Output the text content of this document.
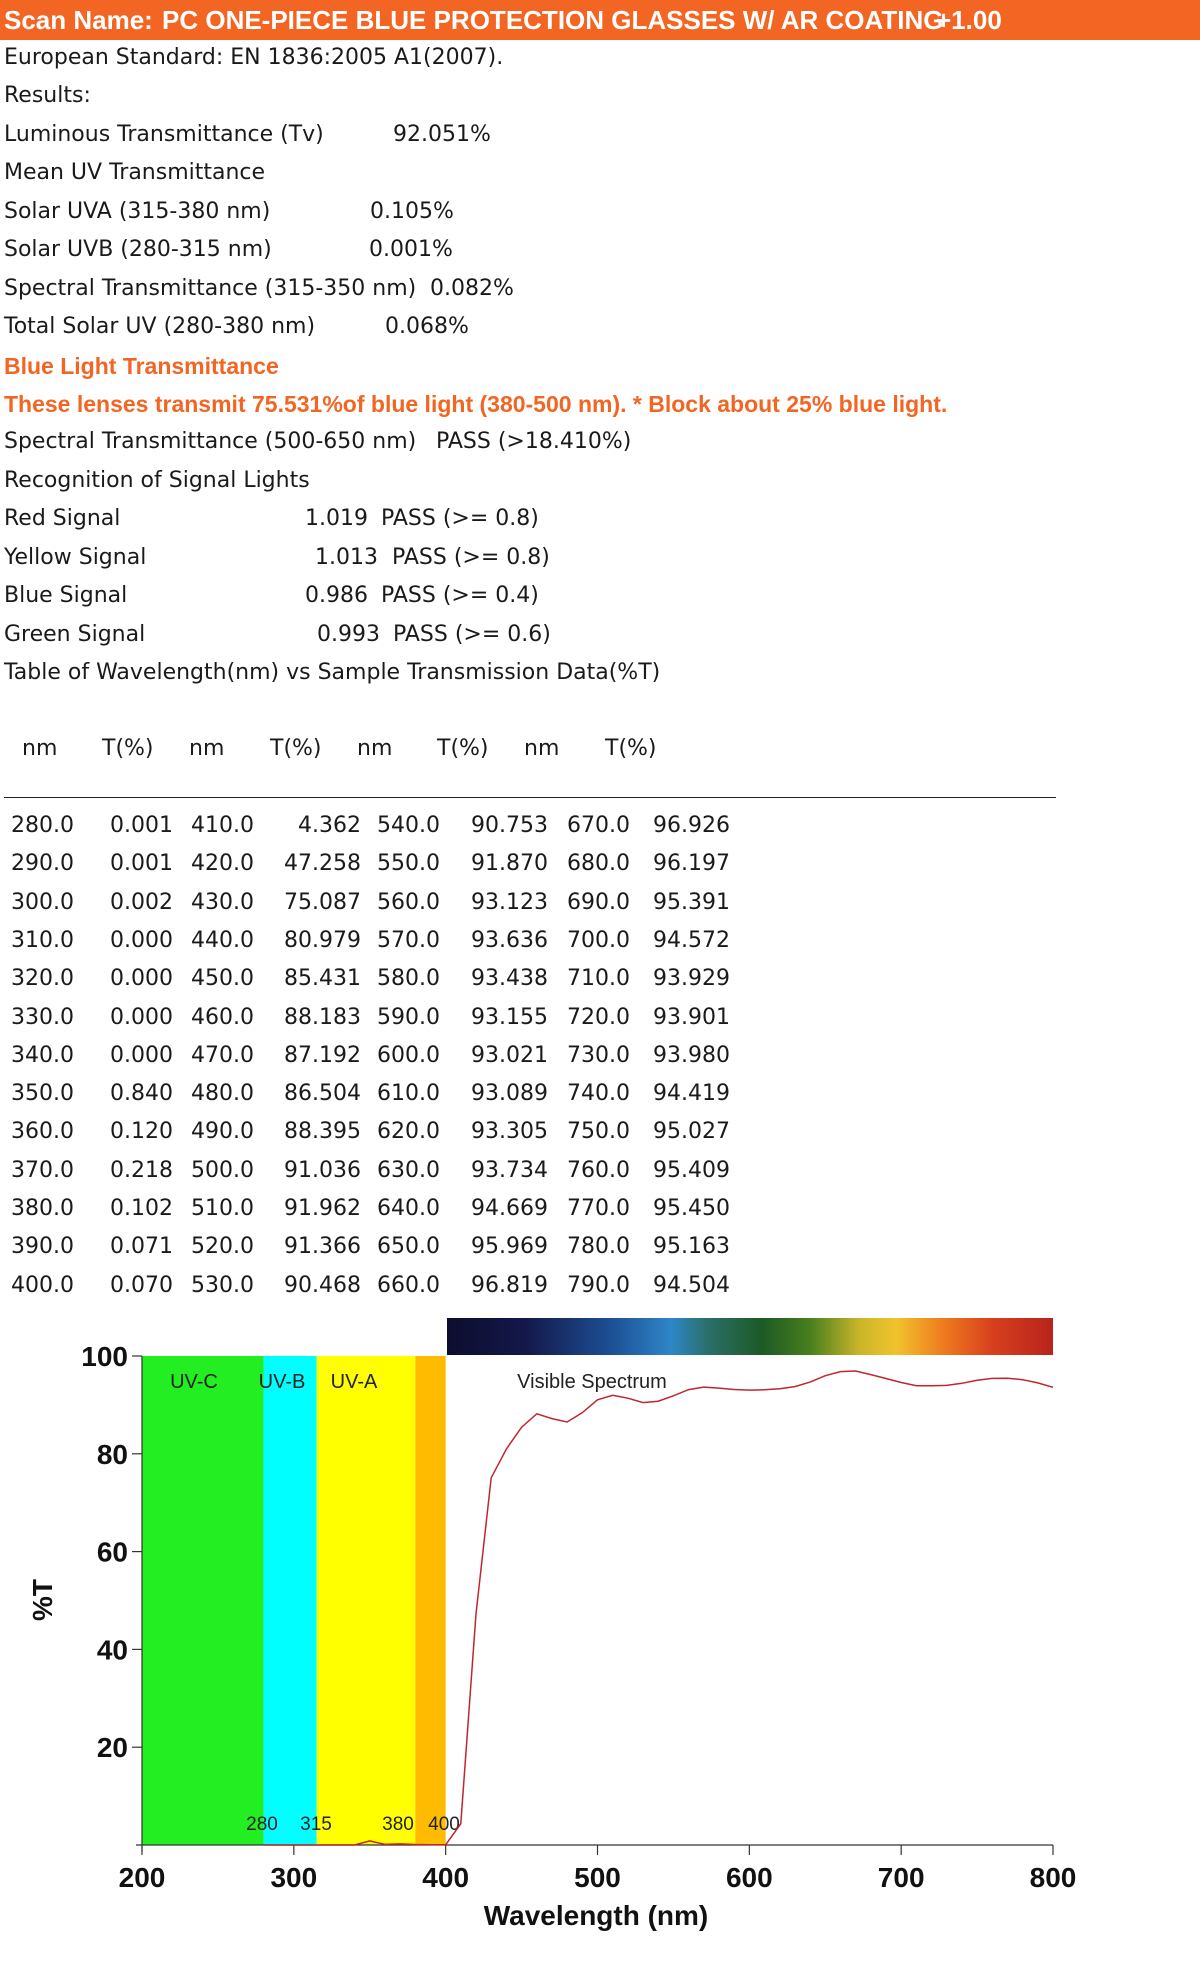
Scan Name: PC ONE-PIECE BLUE PROTECTION GLASSES W/ AR COATING
+1.00
European Standard: EN 1836:2005 A1(2007).
Results:
Luminous Transmittance (Tv)	92.051%
Mean UV Transmittance
Solar UVA (315-380 nm)	0.105%
Solar UVB (280-315 nm)	0.001%
Spectral Transmittance (315-350 nm) 0.082%
Total Solar UV (280-380 nm)	0.068%
Blue Light Transmittance
These lenses transmit 75.531%of blue light (380-500 nm). * Block about 25% blue light.
Spectral Transmittance (500-650 nm) PASS (>18.410%)
Recognition of Signal Lights
Red Signal	1.019 PASS (>= 0.8)
Yellow Signal	1.013 PASS (>= 0.8)
Blue Signal	0.986 PASS (>= 0.4)
Green Signal	0.993 PASS (>= 0.6)
Table of Wavelength(nm) vs Sample Transmission Data(%T)
nm T(%) nm T(%) nm T(%) nm T(%)
280.0 0.001 410.0 4.362 540.0 90.753 670.0 96.926
290.0 0.001 420.0 47.258 550.0 91.870 680.0 96.197
300.0 0.002 430.0 75.087 560.0 93.123 690.0 95.391
310.0 0.000 440.0 80.979 570.0 93.636 700.0 94.572
320.0 0.000 450.0 85.431 580.0 93.438 710.0 93.929
330.0 0.000 460.0 88.183 590.0 93.155 720.0 93.901
340.0 0.000 470.0 87.192 600.0 93.021 730.0 93.980
350.0 0.840 480.0 86.504 610.0 93.089 740.0 94.419
360.0 0.120 490.0 88.395 620.0 93.305 750.0 95.027
370.0 0.218 500.0 91.036 630.0 93.734 760.0 95.409
380.0 0.102 510.0 91.962 640.0 94.669 770.0 95.450
390.0 0.071 520.0 91.366 650.0 95.969 780.0 95.163
400.0 0.070 530.0 90.468 660.0 96.819 790.0 94.504
20
40
60
80
100
200	300	400	500	600	700	800
Wavelength (nm)
%T
UV-C UV-B UV-A	Visible Spectrum
280 315	380 400
